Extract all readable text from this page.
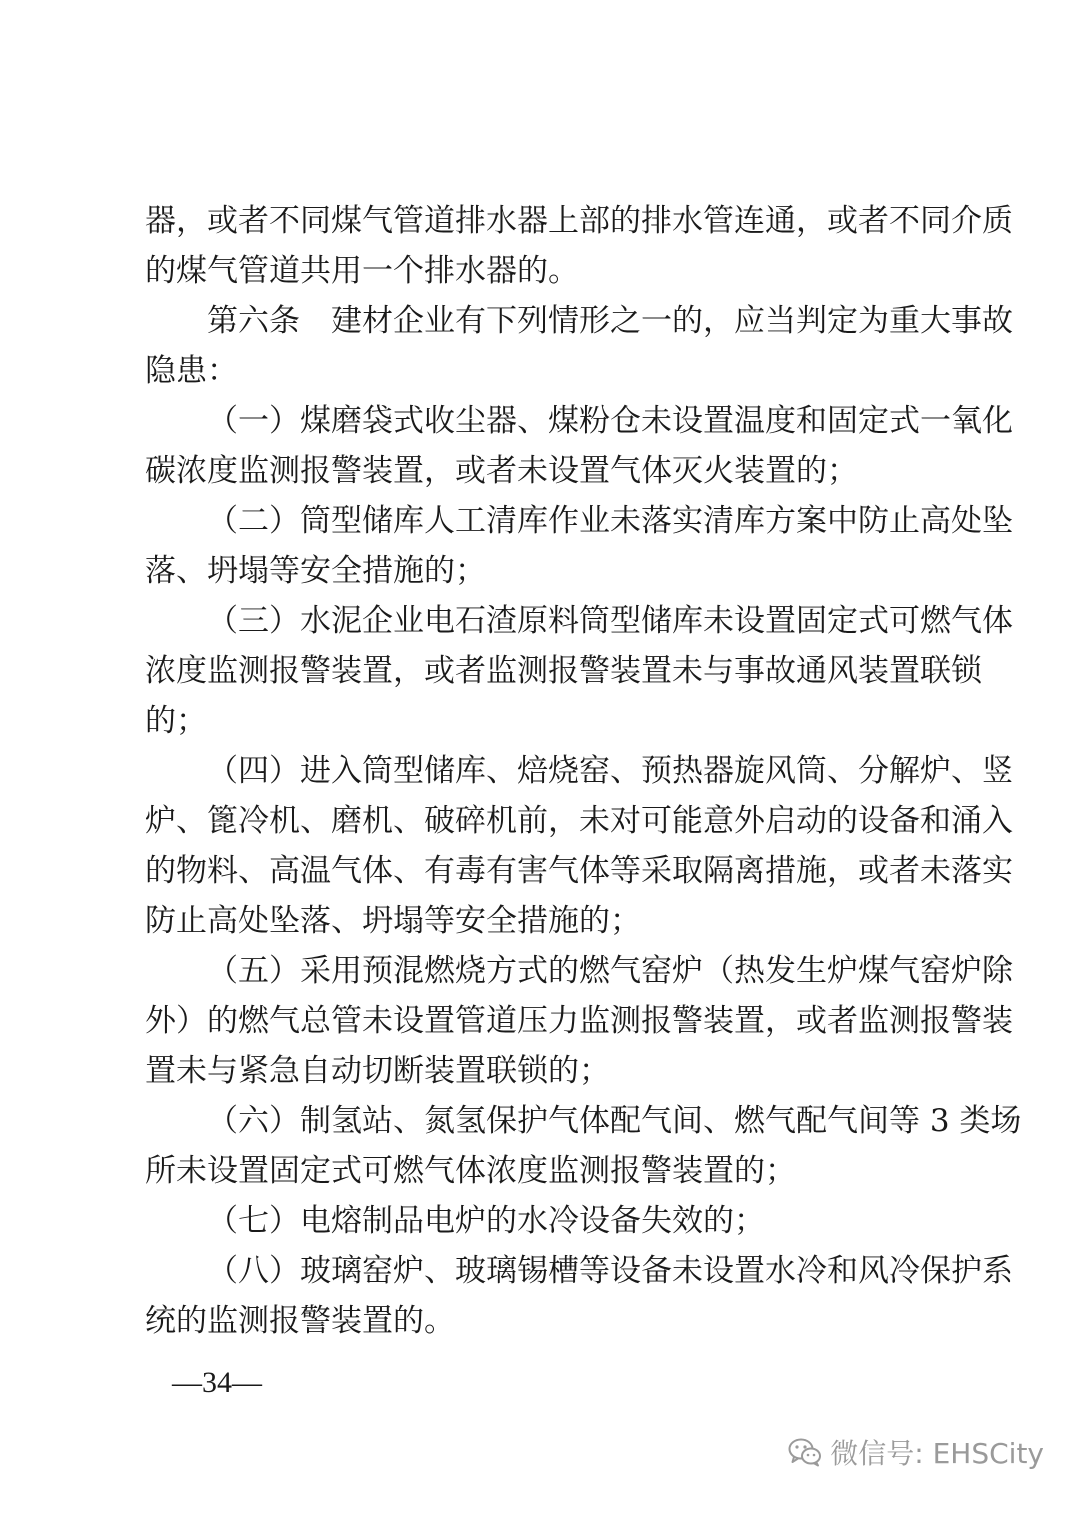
器，或者不同煤气管道排水器上部的排水管连通，或者不同介质
的煤气管道共用一个排水器的。
第六条　建材企业有下列情形之一的，应当判定为重大事故
隐患：
（一）煤磨袋式收尘器、煤粉仓未设置温度和固定式一氧化
碳浓度监测报警装置，或者未设置气体灭火装置的；
（二）筒型储库人工清库作业未落实清库方案中防止高处坠
落、坍塌等安全措施的；
（三）水泥企业电石渣原料筒型储库未设置固定式可燃气体
浓度监测报警装置，或者监测报警装置未与事故通风装置联锁
的；
（四）进入筒型储库、焙烧窑、预热器旋风筒、分解炉、竖
炉、篦冷机、磨机、破碎机前，未对可能意外启动的设备和涌入
的物料、高温气体、有毒有害气体等采取隔离措施，或者未落实
防止高处坠落、坍塌等安全措施的；
（五）采用预混燃烧方式的燃气窑炉（热发生炉煤气窑炉除
外）的燃气总管未设置管道压力监测报警装置，或者监测报警装
置未与紧急自动切断装置联锁的；
（六）制氢站、氮氢保护气体配气间、燃气配气间等 3 类场
所未设置固定式可燃气体浓度监测报警装置的；
（七）电熔制品电炉的水冷设备失效的；
（八）玻璃窑炉、玻璃锡槽等设备未设置水冷和风冷保护系
统的监测报警装置的。
—34—
微信号: EHSCity
